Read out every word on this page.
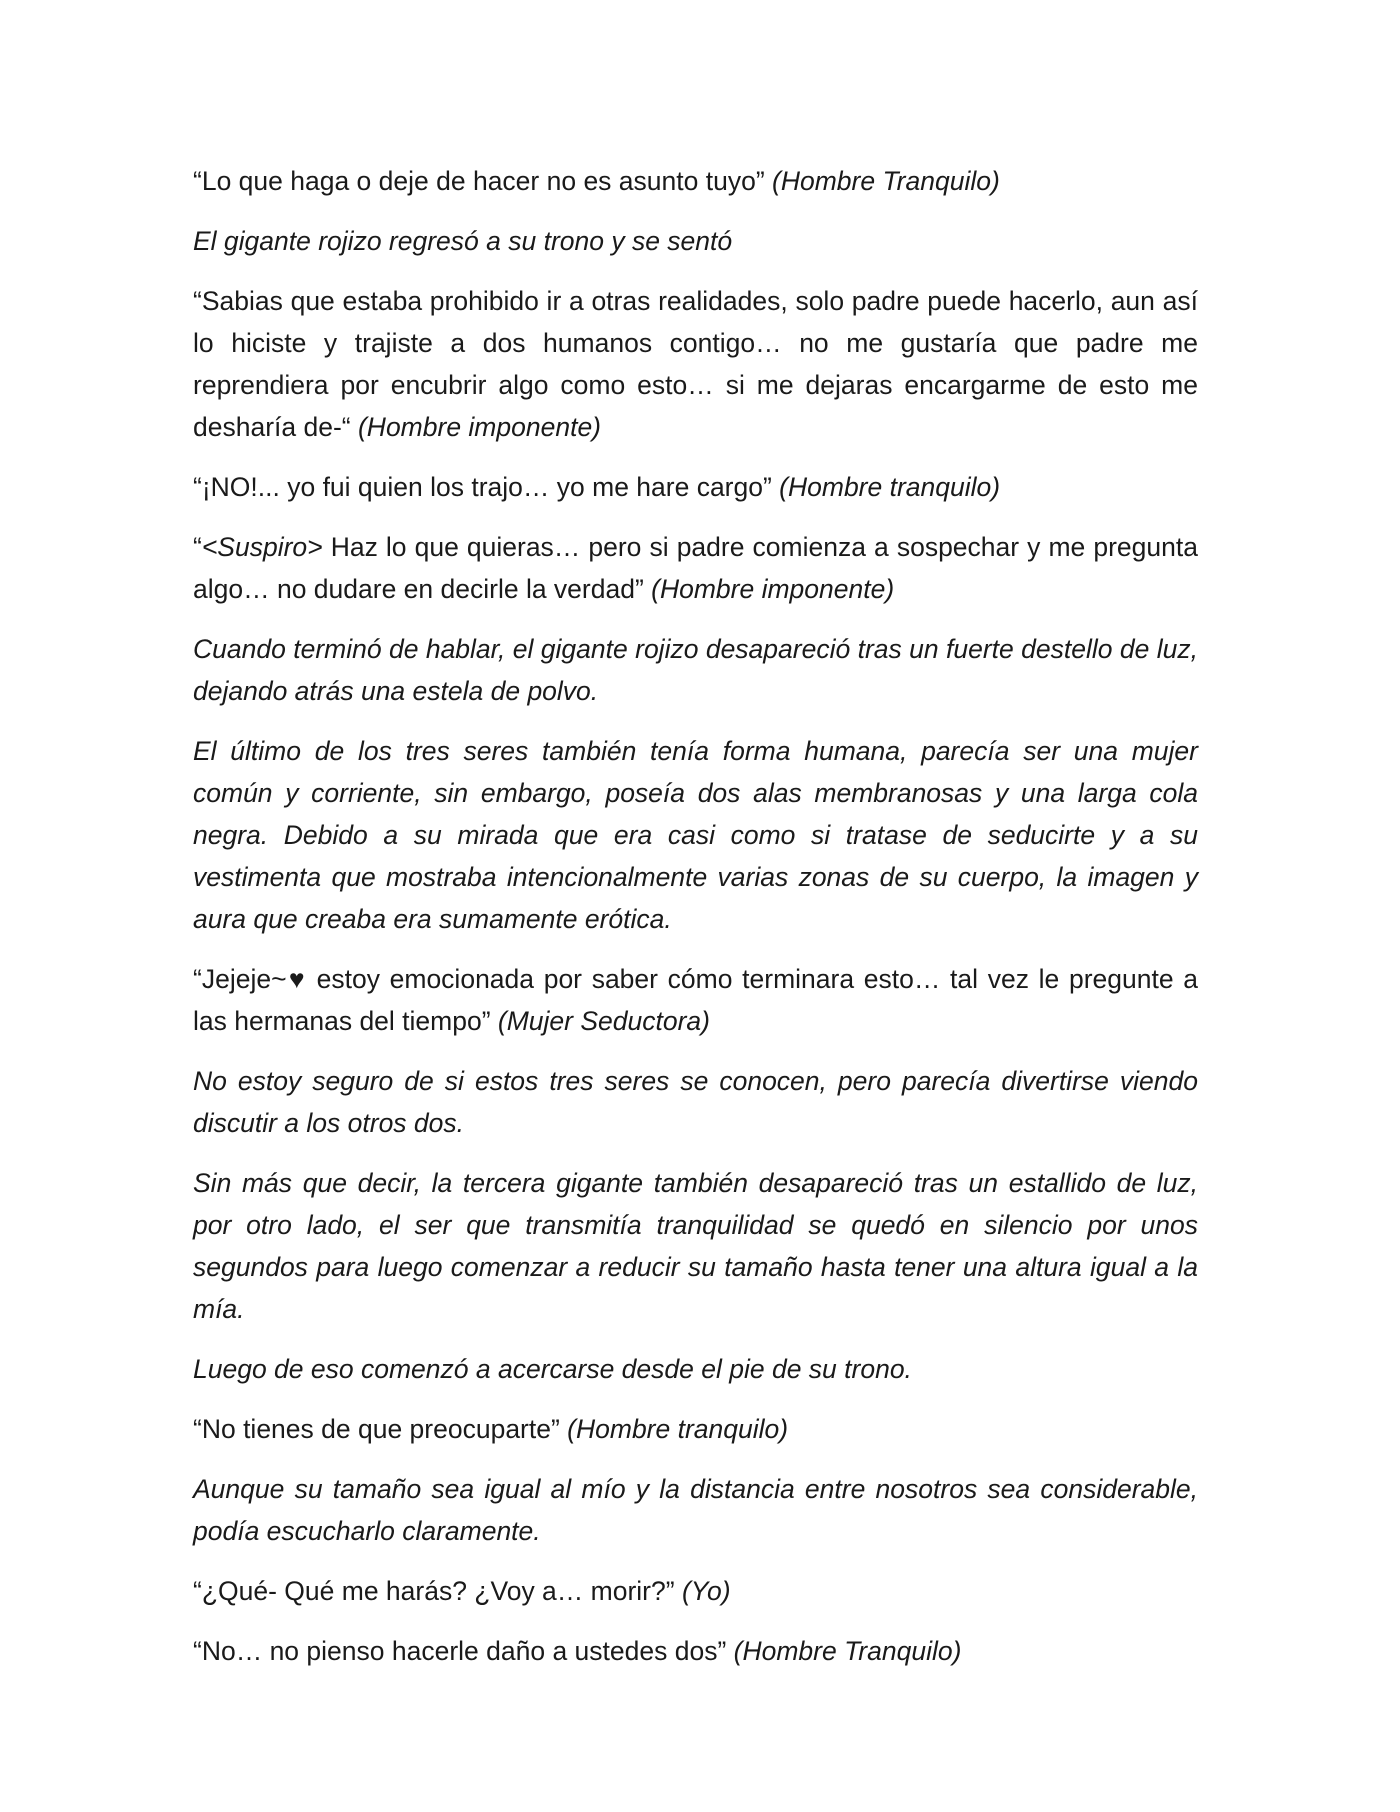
“Lo que haga o deje de hacer no es asunto tuyo” (Hombre Tranquilo)

El gigante rojizo regresó a su trono y se sentó

“Sabias que estaba prohibido ir a otras realidades, solo padre puede hacerlo, aun así lo hiciste y trajiste a dos humanos contigo… no me gustaría que padre me reprendiera por encubrir algo como esto… si me dejaras encargarme de esto me desharía de-“ (Hombre imponente)

“¡NO!... yo fui quien los trajo… yo me hare cargo” (Hombre tranquilo)

“<Suspiro> Haz lo que quieras… pero si padre comienza a sospechar y me pregunta algo… no dudare en decirle la verdad” (Hombre imponente)

Cuando terminó de hablar, el gigante rojizo desapareció tras un fuerte destello de luz, dejando atrás una estela de polvo.

El último de los tres seres también tenía forma humana, parecía ser una mujer común y corriente, sin embargo, poseía dos alas membranosas y una larga cola negra. Debido a su mirada que era casi como si tratase de seducirte y a su vestimenta que mostraba intencionalmente varias zonas de su cuerpo, la imagen y aura que creaba era sumamente erótica.

“Jejeje~♥ estoy emocionada por saber cómo terminara esto… tal vez le pregunte a las hermanas del tiempo” (Mujer Seductora)

No estoy seguro de si estos tres seres se conocen, pero parecía divertirse viendo discutir a los otros dos.

Sin más que decir, la tercera gigante también desapareció tras un estallido de luz, por otro lado, el ser que transmitía tranquilidad se quedó en silencio por unos segundos para luego comenzar a reducir su tamaño hasta tener una altura igual a la mía.

Luego de eso comenzó a acercarse desde el pie de su trono.

“No tienes de que preocuparte” (Hombre tranquilo)

Aunque su tamaño sea igual al mío y la distancia entre nosotros sea considerable, podía escucharlo claramente.

“¿Qué- Qué me harás? ¿Voy a… morir?” (Yo)

“No… no pienso hacerle daño a ustedes dos” (Hombre Tranquilo)
